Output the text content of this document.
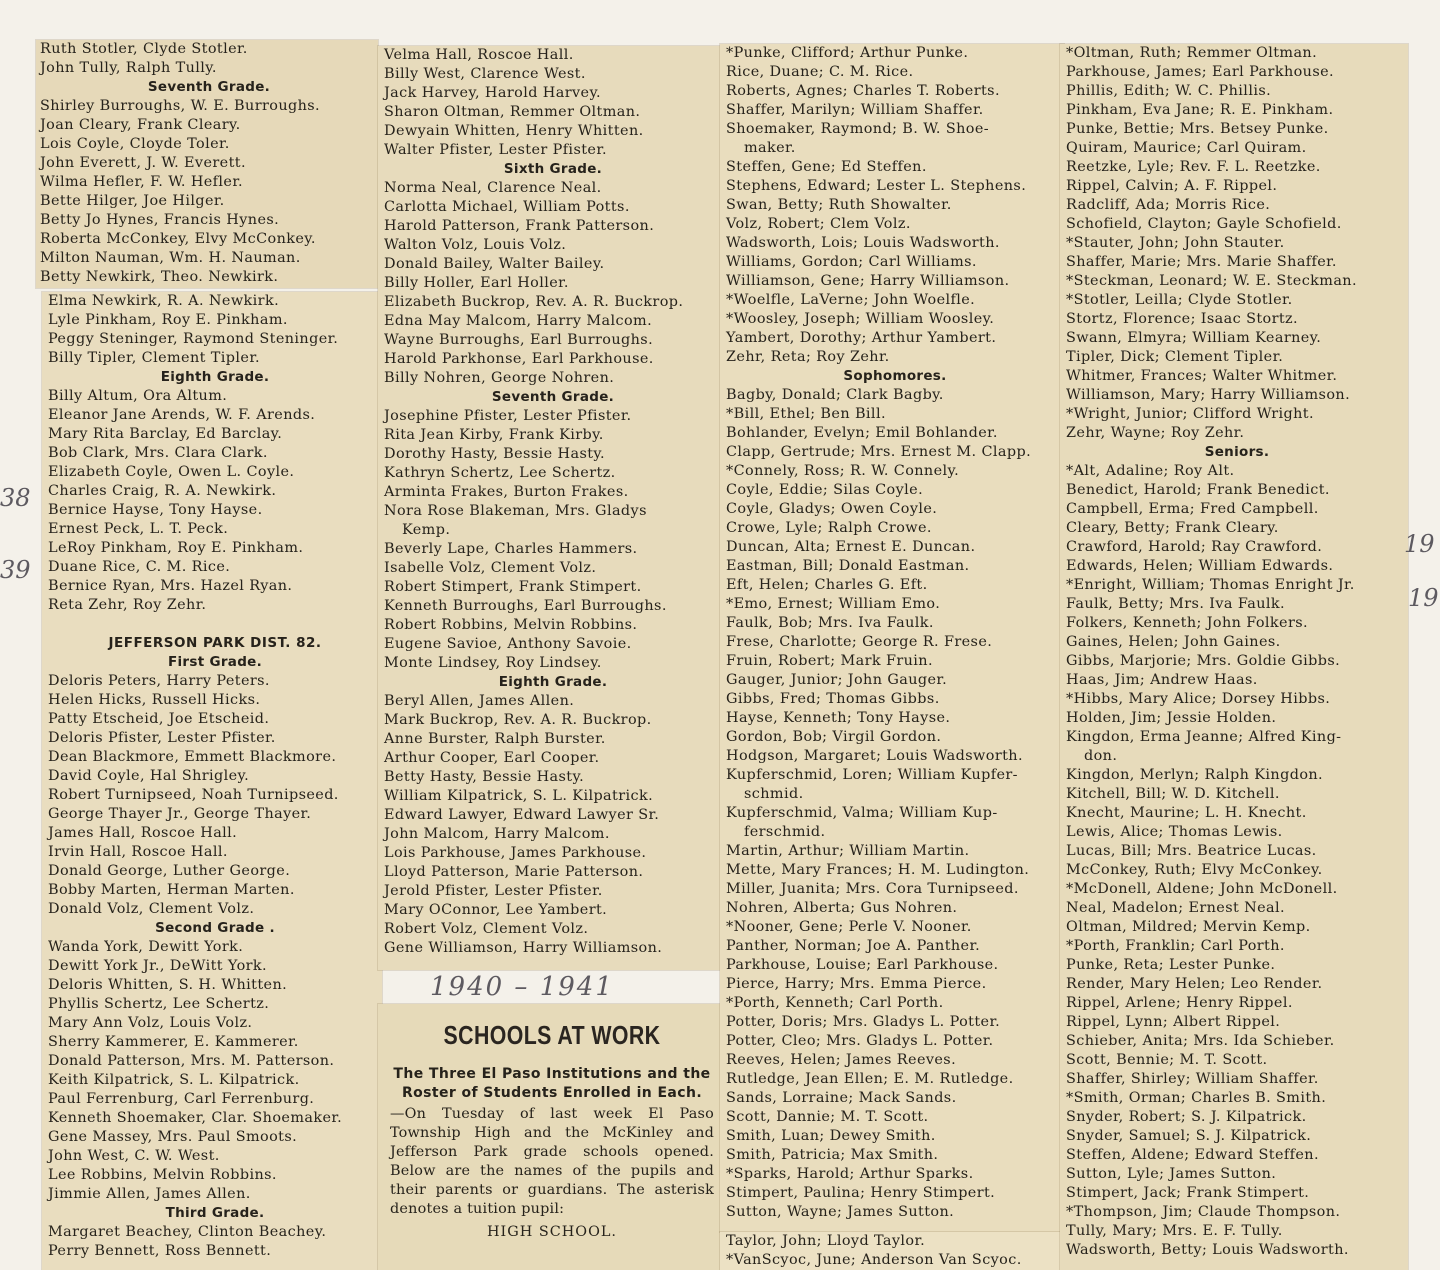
Ruth Stotler, Clyde Stotler.
John Tully, Ralph Tully.
Seventh Grade.
Shirley Burroughs, W. E. Burroughs.
Joan Cleary, Frank Cleary.
Lois Coyle, Cloyde Toler.
John Everett, J. W. Everett.
Wilma Hefler, F. W. Hefler.
Bette Hilger, Joe Hilger.
Betty Jo Hynes, Francis Hynes.
Roberta McConkey, Elvy McConkey.
Milton Nauman, Wm. H. Nauman.
Betty Newkirk, Theo. Newkirk.
Elma Newkirk, R. A. Newkirk.
Lyle Pinkham, Roy E. Pinkham.
Peggy Steninger, Raymond Steninger.
Billy Tipler, Clement Tipler.
Eighth Grade.
Billy Altum, Ora Altum.
Eleanor Jane Arends, W. F. Arends.
Mary Rita Barclay, Ed Barclay.
Bob Clark, Mrs. Clara Clark.
Elizabeth Coyle, Owen L. Coyle.
Charles Craig, R. A. Newkirk.
Bernice Hayse, Tony Hayse.
Ernest Peck, L. T. Peck.
LeRoy Pinkham, Roy E. Pinkham.
Duane Rice, C. M. Rice.
Bernice Ryan, Mrs. Hazel Ryan.
Reta Zehr, Roy Zehr.
JEFFERSON PARK DIST. 82.
First Grade.
Deloris Peters, Harry Peters.
Helen Hicks, Russell Hicks.
Patty Etscheid, Joe Etscheid.
Deloris Pfister, Lester Pfister.
Dean Blackmore, Emmett Blackmore.
David Coyle, Hal Shrigley.
Robert Turnipseed, Noah Turnipseed.
George Thayer Jr., George Thayer.
James Hall, Roscoe Hall.
Irvin Hall, Roscoe Hall.
Donald George, Luther George.
Bobby Marten, Herman Marten.
Donald Volz, Clement Volz.
Second Grade .
Wanda York, Dewitt York.
Dewitt York Jr., DeWitt York.
Deloris Whitten, S. H. Whitten.
Phyllis Schertz, Lee Schertz.
Mary Ann Volz, Louis Volz.
Sherry Kammerer, E. Kammerer.
Donald Patterson, Mrs. M. Patterson.
Keith Kilpatrick, S. L. Kilpatrick.
Paul Ferrenburg, Carl Ferrenburg.
Kenneth Shoemaker, Clar. Shoemaker.
Gene Massey, Mrs. Paul Smoots.
John West, C. W. West.
Lee Robbins, Melvin Robbins.
Jimmie Allen, James Allen.
Third Grade.
Margaret Beachey, Clinton Beachey.
Perry Bennett, Ross Bennett.
Velma Hall, Roscoe Hall.
Billy West, Clarence West.
Jack Harvey, Harold Harvey.
Sharon Oltman, Remmer Oltman.
Dewyain Whitten, Henry Whitten.
Walter Pfister, Lester Pfister.
Sixth Grade.
Norma Neal, Clarence Neal.
Carlotta Michael, William Potts.
Harold Patterson, Frank Patterson.
Walton Volz, Louis Volz.
Donald Bailey, Walter Bailey.
Billy Holler, Earl Holler.
Elizabeth Buckrop, Rev. A. R. Buckrop.
Edna May Malcom, Harry Malcom.
Wayne Burroughs, Earl Burroughs.
Harold Parkhonse, Earl Parkhouse.
Billy Nohren, George Nohren.
Seventh Grade.
Josephine Pfister, Lester Pfister.
Rita Jean Kirby, Frank Kirby.
Dorothy Hasty, Bessie Hasty.
Kathryn Schertz, Lee Schertz.
Arminta Frakes, Burton Frakes.
Nora Rose Blakeman, Mrs. Gladys
Kemp.
Beverly Lape, Charles Hammers.
Isabelle Volz, Clement Volz.
Robert Stimpert, Frank Stimpert.
Kenneth Burroughs, Earl Burroughs.
Robert Robbins, Melvin Robbins.
Eugene Savioe, Anthony Savoie.
Monte Lindsey, Roy Lindsey.
Eighth Grade.
Beryl Allen, James Allen.
Mark Buckrop, Rev. A. R. Buckrop.
Anne Burster, Ralph Burster.
Arthur Cooper, Earl Cooper.
Betty Hasty, Bessie Hasty.
William Kilpatrick, S. L. Kilpatrick.
Edward Lawyer, Edward Lawyer Sr.
John Malcom, Harry Malcom.
Lois Parkhouse, James Parkhouse.
Lloyd Patterson, Marie Patterson.
Jerold Pfister, Lester Pfister.
Mary OConnor, Lee Yambert.
Robert Volz, Clement Volz.
Gene Williamson, Harry Williamson.
1940 – 1941
SCHOOLS AT WORK
The Three El Paso Institutions and the Roster of Students Enrolled in Each.
—On Tuesday of last week El Paso Township High and the McKinley and Jefferson Park grade schools opened. Below are the names of the pupils and their parents or guardians. The asterisk denotes a tuition pupil:
HIGH SCHOOL.
*Punke, Clifford; Arthur Punke.
Rice, Duane; C. M. Rice.
Roberts, Agnes; Charles T. Roberts.
Shaffer, Marilyn; William Shaffer.
Shoemaker, Raymond; B. W. Shoe-
maker.
Steffen, Gene; Ed Steffen.
Stephens, Edward; Lester L. Stephens.
Swan, Betty; Ruth Showalter.
Volz, Robert; Clem Volz.
Wadsworth, Lois; Louis Wadsworth.
Williams, Gordon; Carl Williams.
Williamson, Gene; Harry Williamson.
*Woelfle, LaVerne; John Woelfle.
*Woosley, Joseph; William Woosley.
Yambert, Dorothy; Arthur Yambert.
Zehr, Reta; Roy Zehr.
Sophomores.
Bagby, Donald; Clark Bagby.
*Bill, Ethel; Ben Bill.
Bohlander, Evelyn; Emil Bohlander.
Clapp, Gertrude; Mrs. Ernest M. Clapp.
*Connely, Ross; R. W. Connely.
Coyle, Eddie; Silas Coyle.
Coyle, Gladys; Owen Coyle.
Crowe, Lyle; Ralph Crowe.
Duncan, Alta; Ernest E. Duncan.
Eastman, Bill; Donald Eastman.
Eft, Helen; Charles G. Eft.
*Emo, Ernest; William Emo.
Faulk, Bob; Mrs. Iva Faulk.
Frese, Charlotte; George R. Frese.
Fruin, Robert; Mark Fruin.
Gauger, Junior; John Gauger.
Gibbs, Fred; Thomas Gibbs.
Hayse, Kenneth; Tony Hayse.
Gordon, Bob; Virgil Gordon.
Hodgson, Margaret; Louis Wadsworth.
Kupferschmid, Loren; William Kupfer-
schmid.
Kupferschmid, Valma; William Kup-
ferschmid.
Martin, Arthur; William Martin.
Mette, Mary Frances; H. M. Ludington.
Miller, Juanita; Mrs. Cora Turnipseed.
Nohren, Alberta; Gus Nohren.
*Nooner, Gene; Perle V. Nooner.
Panther, Norman; Joe A. Panther.
Parkhouse, Louise; Earl Parkhouse.
Pierce, Harry; Mrs. Emma Pierce.
*Porth, Kenneth; Carl Porth.
Potter, Doris; Mrs. Gladys L. Potter.
Potter, Cleo; Mrs. Gladys L. Potter.
Reeves, Helen; James Reeves.
Rutledge, Jean Ellen; E. M. Rutledge.
Sands, Lorraine; Mack Sands.
Scott, Dannie; M. T. Scott.
Smith, Luan; Dewey Smith.
Smith, Patricia; Max Smith.
*Sparks, Harold; Arthur Sparks.
Stimpert, Paulina; Henry Stimpert.
Sutton, Wayne; James Sutton.
Taylor, John; Lloyd Taylor.
*VanScyoc, June; Anderson Van Scyoc.
*Oltman, Ruth; Remmer Oltman.
Parkhouse, James; Earl Parkhouse.
Phillis, Edith; W. C. Phillis.
Pinkham, Eva Jane; R. E. Pinkham.
Punke, Bettie; Mrs. Betsey Punke.
Quiram, Maurice; Carl Quiram.
Reetzke, Lyle; Rev. F. L. Reetzke.
Rippel, Calvin; A. F. Rippel.
Radcliff, Ada; Morris Rice.
Schofield, Clayton; Gayle Schofield.
*Stauter, John; John Stauter.
Shaffer, Marie; Mrs. Marie Shaffer.
*Steckman, Leonard; W. E. Steckman.
*Stotler, Leilla; Clyde Stotler.
Stortz, Florence; Isaac Stortz.
Swann, Elmyra; William Kearney.
Tipler, Dick; Clement Tipler.
Whitmer, Frances; Walter Whitmer.
Williamson, Mary; Harry Williamson.
*Wright, Junior; Clifford Wright.
Zehr, Wayne; Roy Zehr.
Seniors.
*Alt, Adaline; Roy Alt.
Benedict, Harold; Frank Benedict.
Campbell, Erma; Fred Campbell.
Cleary, Betty; Frank Cleary.
Crawford, Harold; Ray Crawford.
Edwards, Helen; William Edwards.
*Enright, William; Thomas Enright Jr.
Faulk, Betty; Mrs. Iva Faulk.
Folkers, Kenneth; John Folkers.
Gaines, Helen; John Gaines.
Gibbs, Marjorie; Mrs. Goldie Gibbs.
Haas, Jim; Andrew Haas.
*Hibbs, Mary Alice; Dorsey Hibbs.
Holden, Jim; Jessie Holden.
Kingdon, Erma Jeanne; Alfred King-
don.
Kingdon, Merlyn; Ralph Kingdon.
Kitchell, Bill; W. D. Kitchell.
Knecht, Maurine; L. H. Knecht.
Lewis, Alice; Thomas Lewis.
Lucas, Bill; Mrs. Beatrice Lucas.
McConkey, Ruth; Elvy McConkey.
*McDonell, Aldene; John McDonell.
Neal, Madelon; Ernest Neal.
Oltman, Mildred; Mervin Kemp.
*Porth, Franklin; Carl Porth.
Punke, Reta; Lester Punke.
Render, Mary Helen; Leo Render.
Rippel, Arlene; Henry Rippel.
Rippel, Lynn; Albert Rippel.
Schieber, Anita; Mrs. Ida Schieber.
Scott, Bennie; M. T. Scott.
Shaffer, Shirley; William Shaffer.
*Smith, Orman; Charles B. Smith.
Snyder, Robert; S. J. Kilpatrick.
Snyder, Samuel; S. J. Kilpatrick.
Steffen, Aldene; Edward Steffen.
Sutton, Lyle; James Sutton.
Stimpert, Jack; Frank Stimpert.
*Thompson, Jim; Claude Thompson.
Tully, Mary; Mrs. E. F. Tully.
Wadsworth, Betty; Louis Wadsworth.
38
39
19
19
